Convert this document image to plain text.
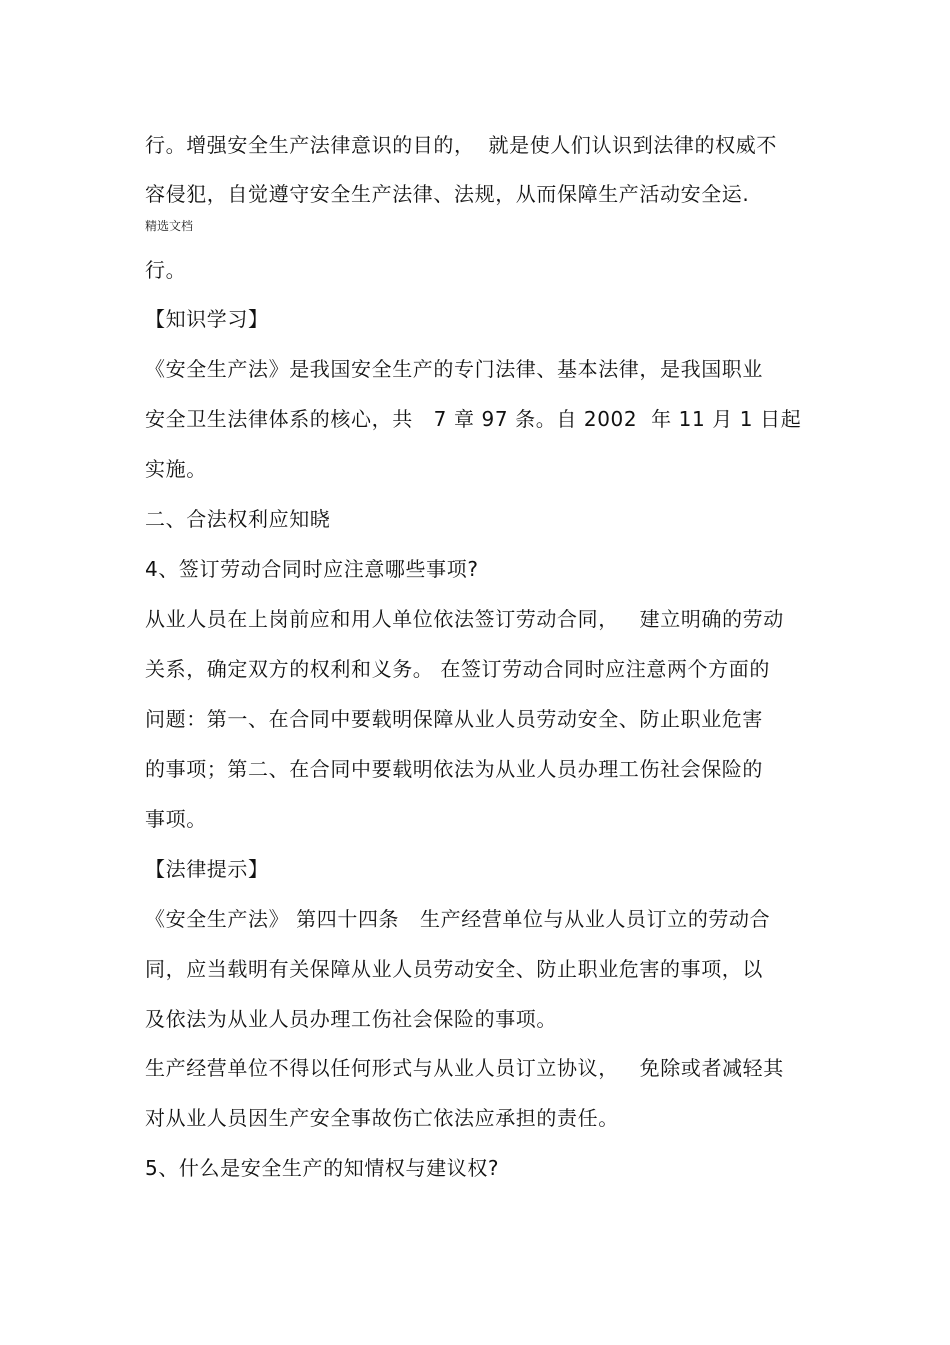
行。增强安全生产法律意识的目的，  就是使人们认识到法律的权威不
容侵犯，自觉遵守安全生产法律、法规，从而保障生产活动安全运.
精选文档
行。
【知识学习】
《安全生产法》是我国安全生产的专门法律、基本法律，是我国职业
安全卫生法律体系的核心，共   7 章 97 条。自 2002  年 11 月 1 日起
实施。
二、合法权利应知晓
4、签订劳动合同时应注意哪些事项?
从业人员在上岗前应和用人单位依法签订劳动合同，   建立明确的劳动
关系，确定双方的权利和义务。 在签订劳动合同时应注意两个方面的
问题：第一、在合同中要载明保障从业人员劳动安全、防止职业危害
的事项；第二、在合同中要载明依法为从业人员办理工伤社会保险的
事项。
【法律提示】
《安全生产法》 第四十四条   生产经营单位与从业人员订立的劳动合
同，应当载明有关保障从业人员劳动安全、防止职业危害的事项，以
及依法为从业人员办理工伤社会保险的事项。
生产经营单位不得以任何形式与从业人员订立协议，   免除或者减轻其
对从业人员因生产安全事故伤亡依法应承担的责任。
5、什么是安全生产的知情权与建议权?
